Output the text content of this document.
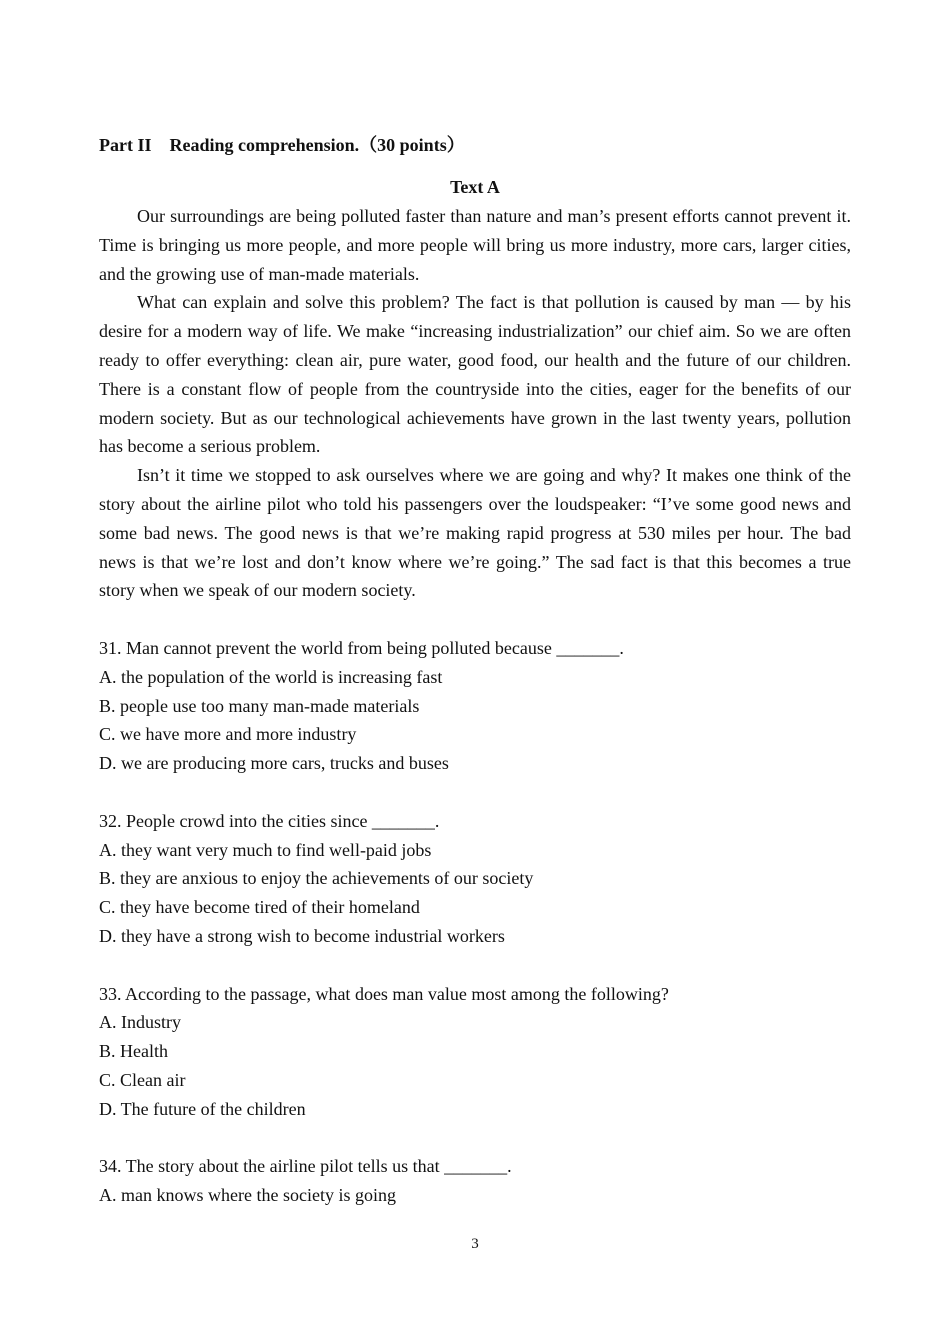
Part II　Reading comprehension.（30 points）

Text A

Our surroundings are being polluted faster than nature and man’s present efforts cannot prevent it. Time is bringing us more people, and more people will bring us more industry, more cars, larger cities, and the growing use of man-made materials.

What can explain and solve this problem? The fact is that pollution is caused by man — by his desire for a modern way of life. We make “increasing industrialization” our chief aim. So we are often ready to offer everything: clean air, pure water, good food, our health and the future of our children. There is a constant flow of people from the countryside into the cities, eager for the benefits of our modern society. But as our technological achievements have grown in the last twenty years, pollution has become a serious problem.

Isn’t it time we stopped to ask ourselves where we are going and why? It makes one think of the story about the airline pilot who told his passengers over the loudspeaker: “I’ve some good news and some bad news. The good news is that we’re making rapid progress at 530 miles per hour. The bad news is that we’re lost and don’t know where we’re going.” The sad fact is that this becomes a true story when we speak of our modern society.

31. Man cannot prevent the world from being polluted because _______.

A. the population of the world is increasing fast

B. people use too many man-made materials

C. we have more and more industry

D. we are producing more cars, trucks and buses

32. People crowd into the cities since _______.

A. they want very much to find well-paid jobs

B. they are anxious to enjoy the achievements of our society

C. they have become tired of their homeland

D. they have a strong wish to become industrial workers

33. According to the passage, what does man value most among the following?

A. Industry

B. Health

C. Clean air

D. The future of the children

34. The story about the airline pilot tells us that _______.

A. man knows where the society is going

3
